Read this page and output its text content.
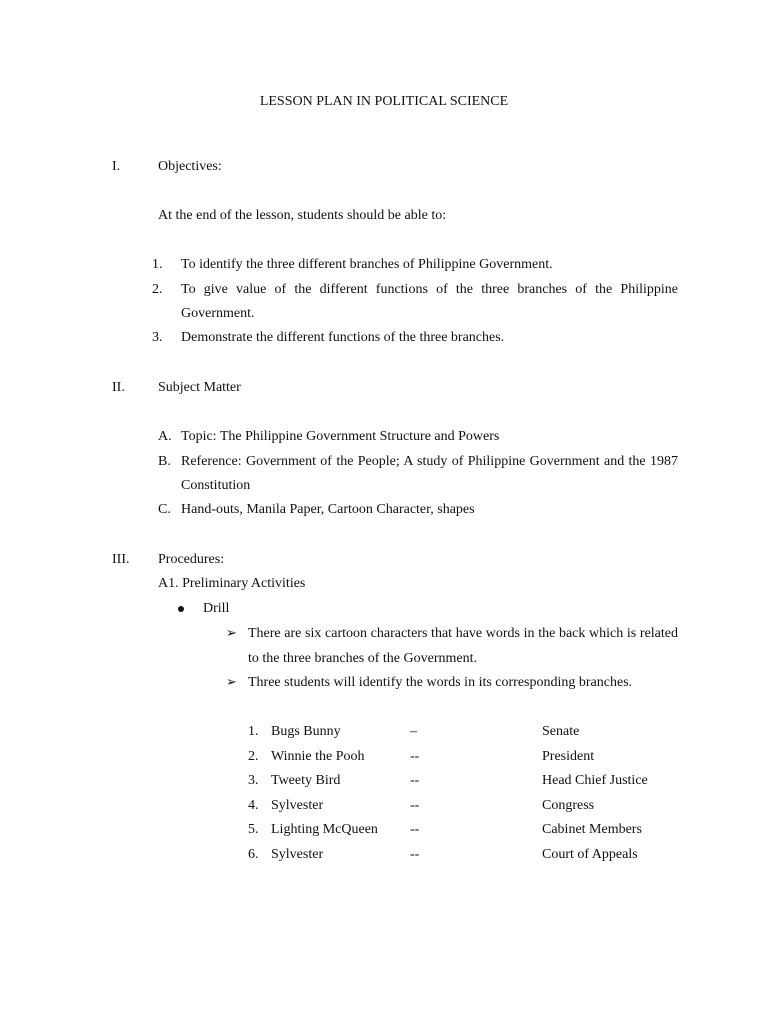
LESSON PLAN IN POLITICAL SCIENCE
I.	Objectives:
At the end of the lesson, students should be able to:
1. To identify the three different branches of Philippine Government.
2. To give value of the different functions of the three branches of the Philippine
Government.
3. Demonstrate the different functions of the three branches.
II. Subject Matter
A. Topic: The Philippine Government Structure and Powers
B. Reference: Government of the People; A study of Philippine Government and the 1987
Constitution
C. Hand-outs, Manila Paper, Cartoon Character, shapes
III. Procedures:
A1. Preliminary Activities
Drill
➢ There are six cartoon characters that have words in the back which is related
to the three branches of the Government.
➢ Three students will identify the words in its corresponding branches.
1. Bugs Bunny	–	Senate
2. Winnie the Pooh	--	President
3. Tweety Bird	--	Head Chief Justice
4. Sylvester	--	Congress
5. Lighting McQueen --	Cabinet Members
6. Sylvester	--	Court of Appeals
